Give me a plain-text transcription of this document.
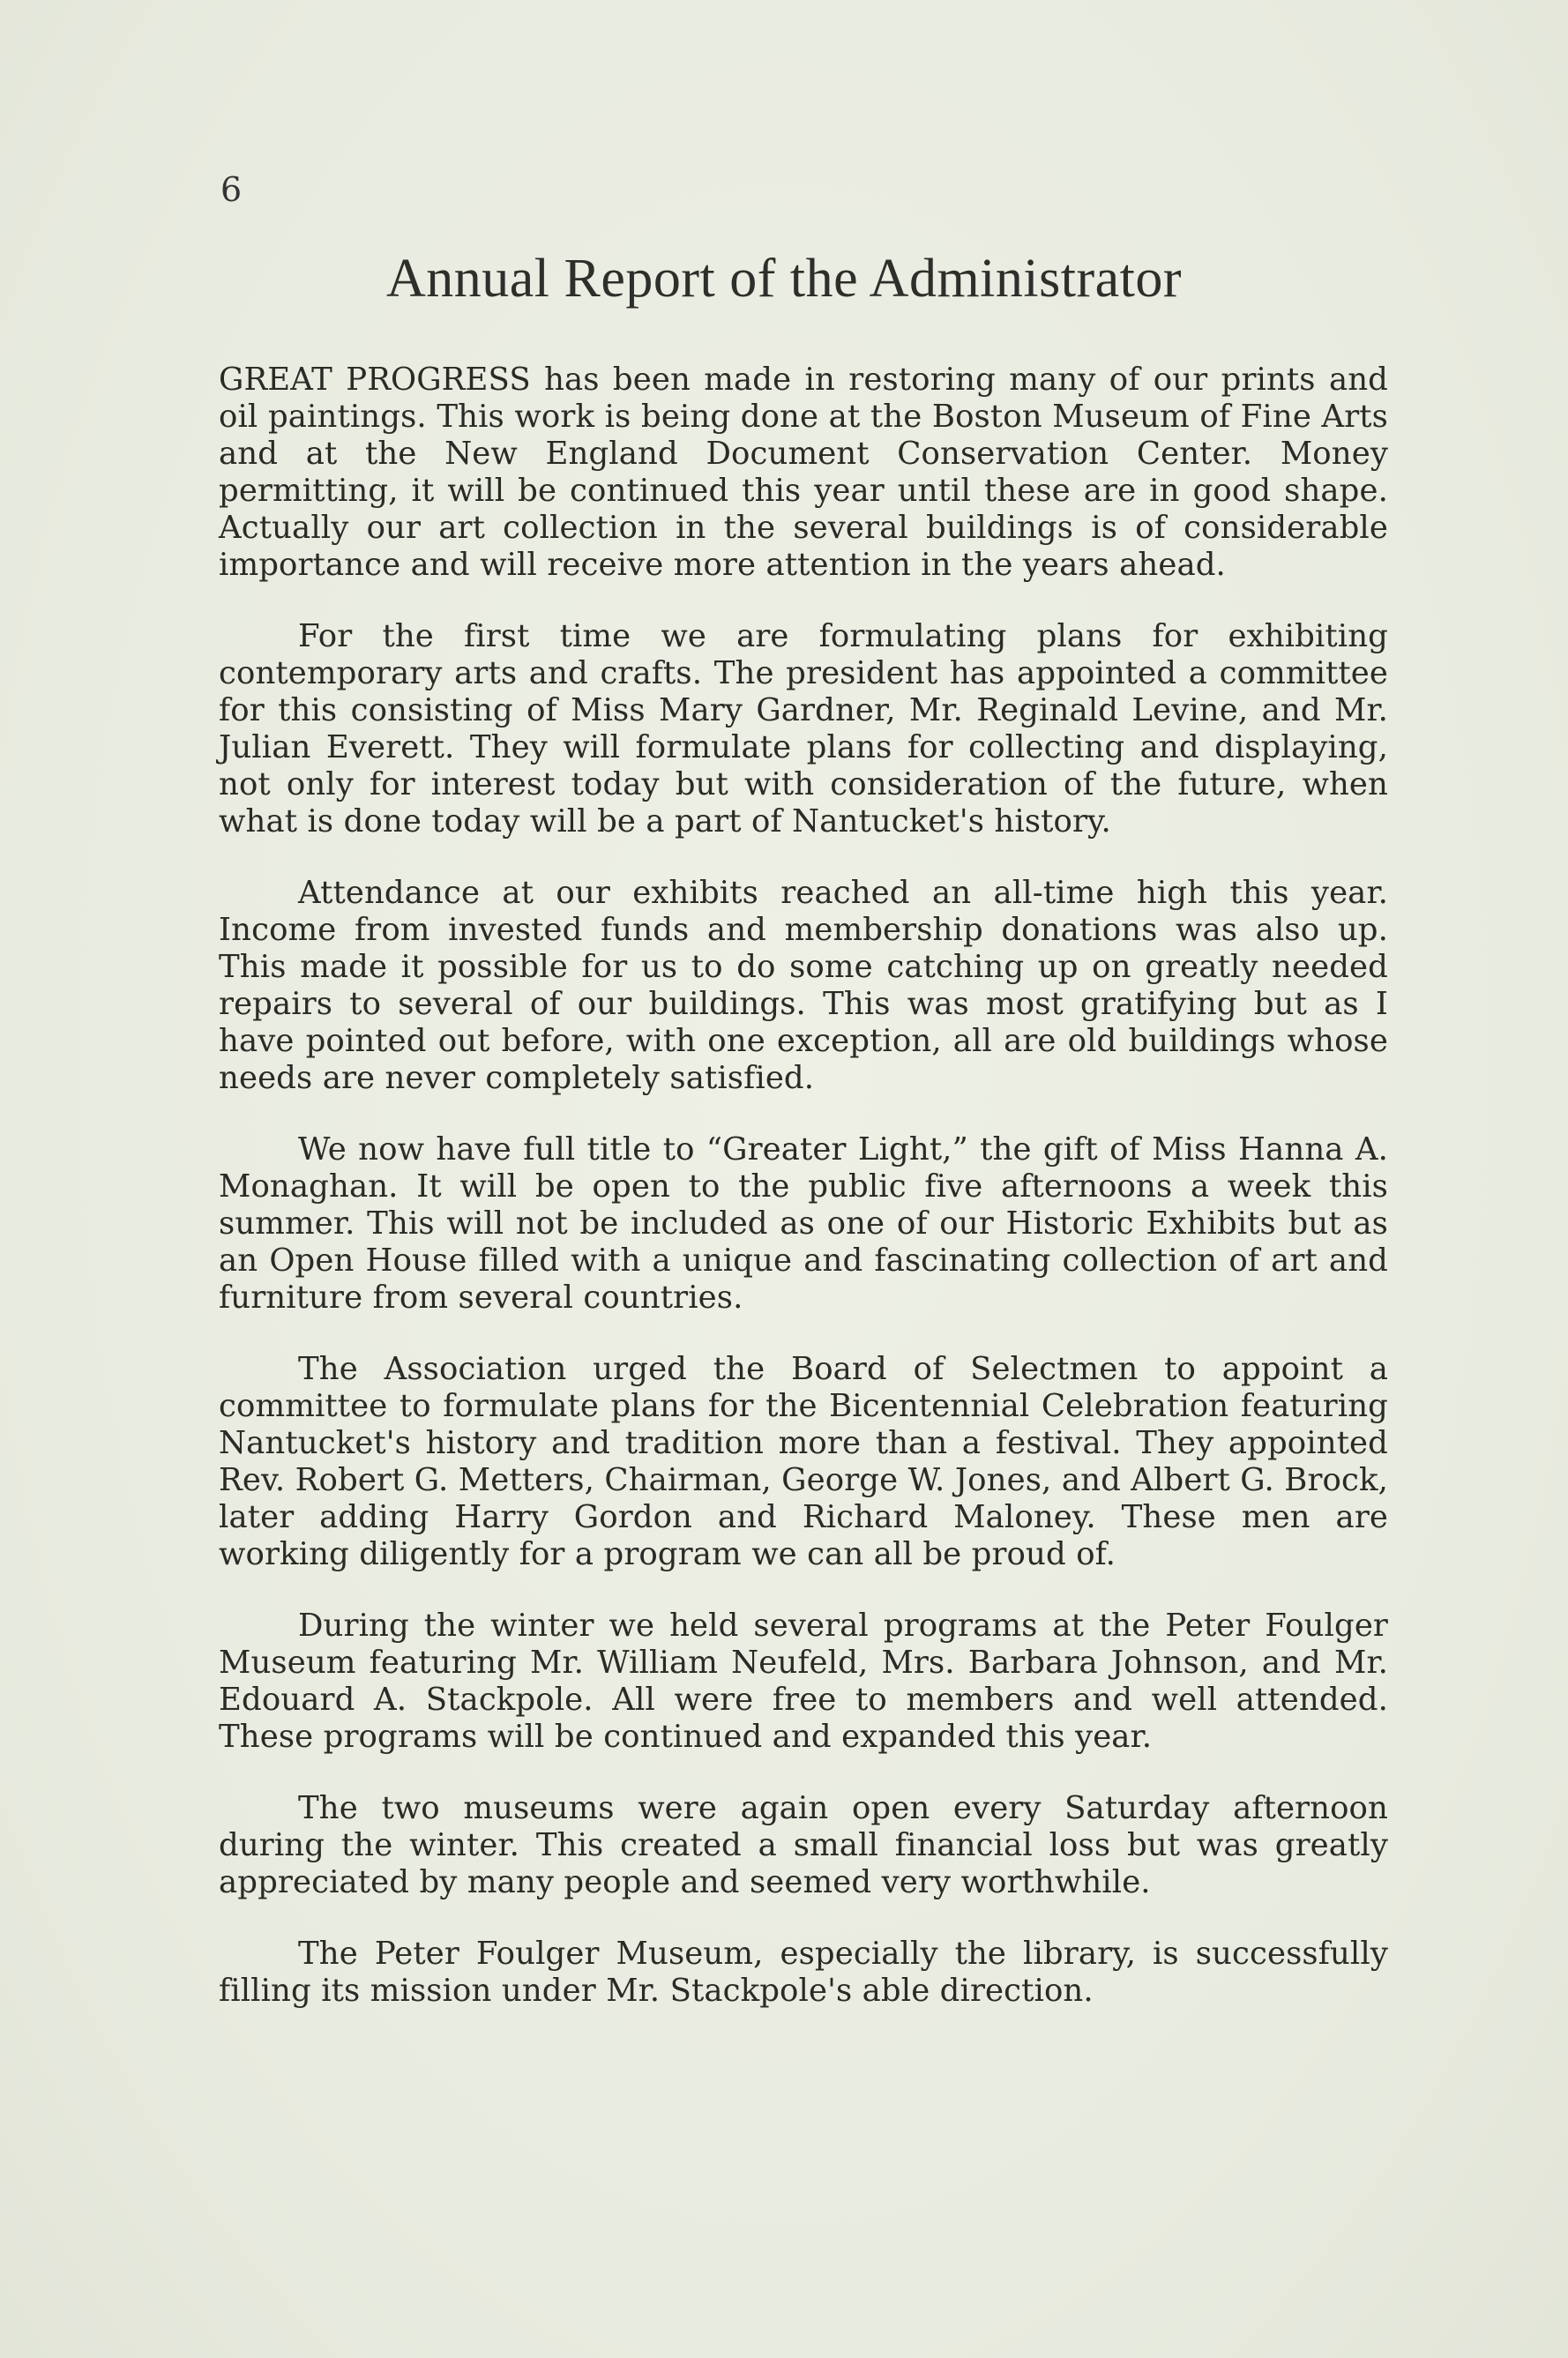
6
Annual Report of the Administrator

GREAT PROGRESS has been made in restoring many of our prints and oil paintings. This work is being done at the Boston Museum of Fine Arts and at the New England Document Conservation Center. Money permitting, it will be continued this year until these are in good shape. Actually our art collection in the several buildings is of considerable importance and will receive more attention in the years ahead.

For the first time we are formulating plans for exhibiting contemporary arts and crafts. The president has appointed a committee for this consisting of Miss Mary Gardner, Mr. Reginald Levine, and Mr. Julian Everett. They will formulate plans for collecting and displaying, not only for interest today but with consideration of the future, when what is done today will be a part of Nantucket's history.

Attendance at our exhibits reached an all-time high this year. Income from invested funds and membership donations was also up. This made it possible for us to do some catching up on greatly needed repairs to several of our buildings. This was most gratifying but as I have pointed out before, with one exception, all are old buildings whose needs are never completely satisfied.

We now have full title to “Greater Light,” the gift of Miss Hanna A. Monaghan. It will be open to the public five afternoons a week this summer. This will not be included as one of our Historic Exhibits but as an Open House filled with a unique and fascinating collection of art and furniture from several countries.

The Association urged the Board of Selectmen to appoint a committee to formulate plans for the Bicentennial Celebration featuring Nantucket's history and tradition more than a festival. They appointed Rev. Robert G. Metters, Chairman, George W. Jones, and Albert G. Brock, later adding Harry Gordon and Richard Maloney. These men are working diligently for a program we can all be proud of.

During the winter we held several programs at the Peter Foulger Museum featuring Mr. William Neufeld, Mrs. Barbara Johnson, and Mr. Edouard A. Stackpole. All were free to members and well attended. These programs will be continued and expanded this year.

The two museums were again open every Saturday afternoon during the winter. This created a small financial loss but was greatly appreciated by many people and seemed very worthwhile.

The Peter Foulger Museum, especially the library, is successfully filling its mission under Mr. Stackpole's able direction.
